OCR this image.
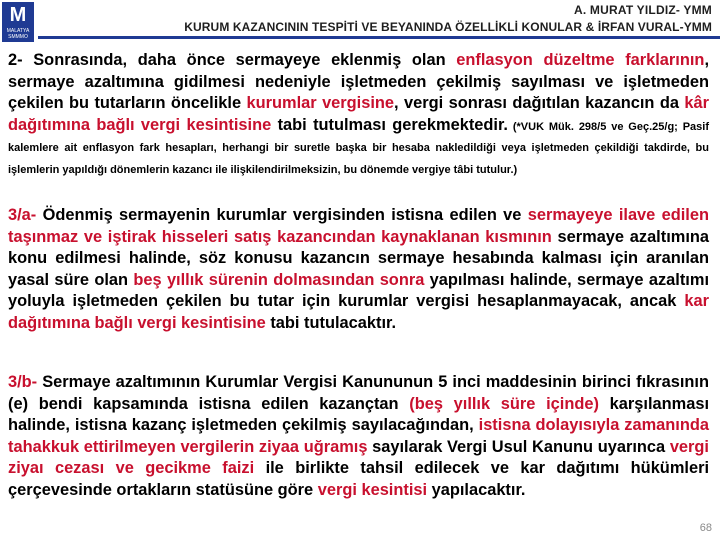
M
MALATYA SMMMO
A. MURAT YILDIZ- YMM
KURUM KAZANCININ TESPİTİ VE BEYANINDA ÖZELLİKLİ KONULAR & İRFAN VURAL-YMM
2- Sonrasında, daha önce sermayeye eklenmiş olan enflasyon düzeltme farklarının, sermaye azaltımına gidilmesi nedeniyle işletmeden çekilmiş sayılması ve işletmeden çekilen bu tutarların öncelikle kurumlar vergisine, vergi sonrası dağıtılan kazancın da kâr dağıtımına bağlı vergi kesintisine tabi tutulması gerekmektedir. (*VUK Mük. 298/5 ve Geç.25/g; Pasif kalemlere ait enflasyon fark hesapları, herhangi bir suretle başka bir hesaba nakledildiği veya işletmeden çekildiği takdirde, bu işlemlerin yapıldığı dönemlerin kazancı ile ilişkilendirilmeksizin, bu dönemde vergiye tâbi tutulur.)
3/a- Ödenmiş sermayenin kurumlar vergisinden istisna edilen ve sermayeye ilave edilen taşınmaz ve iştirak hisseleri satış kazancından kaynaklanan kısmının sermaye azaltımına konu edilmesi halinde, söz konusu kazancın sermaye hesabında kalması için aranılan yasal süre olan beş yıllık sürenin dolmasından sonra yapılması halinde, sermaye azaltımı yoluyla işletmeden çekilen bu tutar için kurumlar vergisi hesaplanmayacak, ancak kar dağıtımına bağlı vergi kesintisine tabi tutulacaktır.
3/b- Sermaye azaltımının Kurumlar Vergisi Kanununun 5 inci maddesinin birinci fıkrasının (e) bendi kapsamında istisna edilen kazançtan (beş yıllık süre içinde) karşılanması halinde, istisna kazanç işletmeden çekilmiş sayılacağından, istisna dolayısıyla zamanında tahakkuk ettirilmeyen vergilerin ziyaa uğramış sayılarak Vergi Usul Kanunu uyarınca vergi ziyaı cezası ve gecikme faizi ile birlikte tahsil edilecek ve kar dağıtımı hükümleri çerçevesinde ortakların statüsüne göre vergi kesintisi yapılacaktır.
68
